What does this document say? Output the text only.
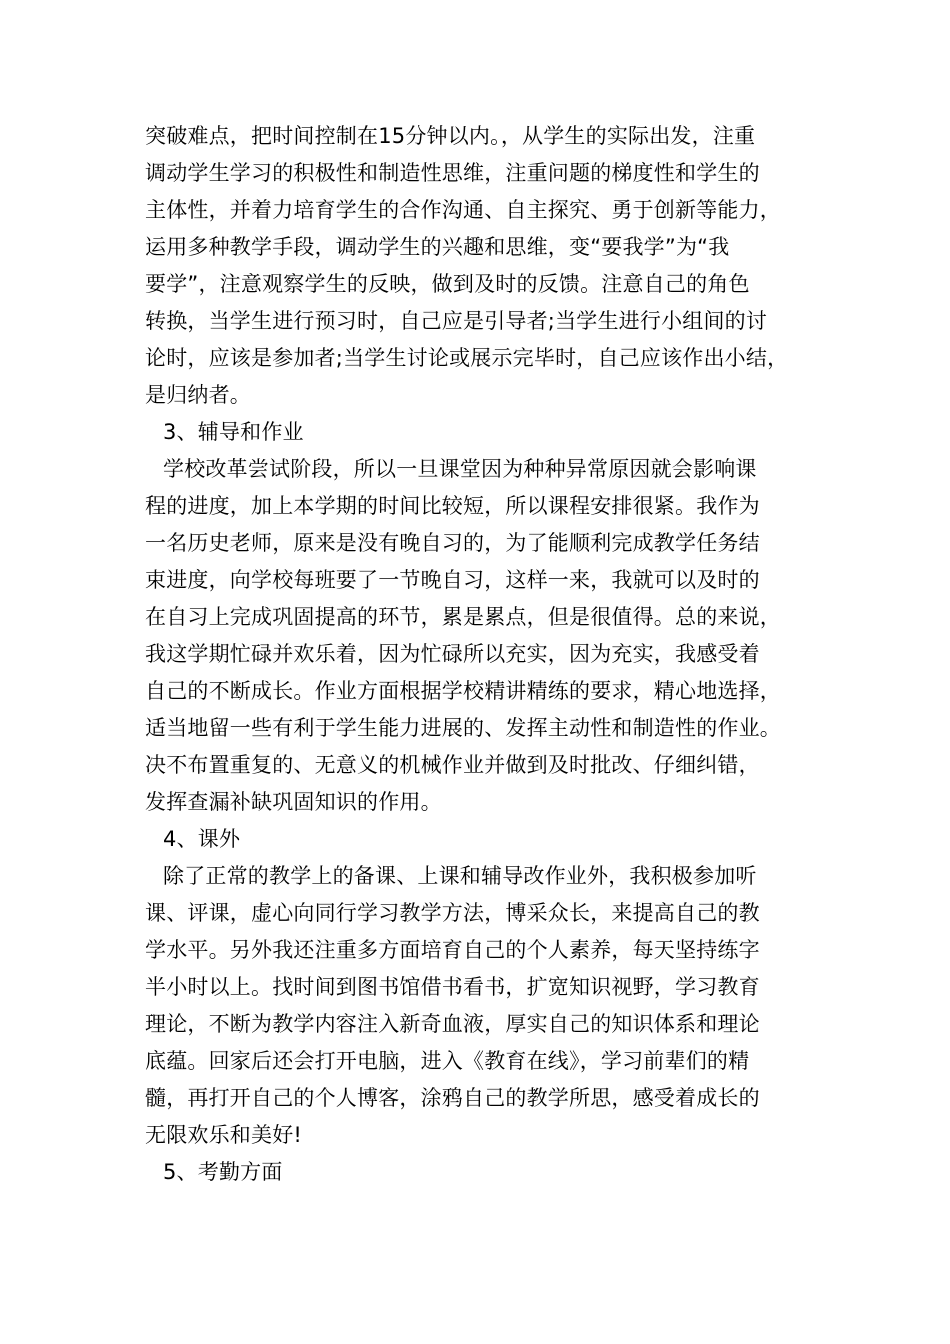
突破难点，把时间控制在15分钟以内。，从学生的实际出发，注重
调动学生学习的积极性和制造性思维，注重问题的梯度性和学生的
主体性，并着力培育学生的合作沟通、自主探究、勇于创新等能力，
运用多种教学手段，调动学生的兴趣和思维，变“要我学”为“我
要学”，注意观察学生的反映，做到及时的反馈。注意自己的角色
转换，当学生进行预习时，自己应是引导者;当学生进行小组间的讨
论时，应该是参加者;当学生讨论或展示完毕时，自己应该作出小结，
是归纳者。
3、辅导和作业
学校改革尝试阶段，所以一旦课堂因为种种异常原因就会影响课
程的进度，加上本学期的时间比较短，所以课程安排很紧。我作为
一名历史老师，原来是没有晚自习的，为了能顺利完成教学任务结
束进度，向学校每班要了一节晚自习，这样一来，我就可以及时的
在自习上完成巩固提高的环节，累是累点，但是很值得。总的来说，
我这学期忙碌并欢乐着，因为忙碌所以充实，因为充实，我感受着
自己的不断成长。作业方面根据学校精讲精练的要求，精心地选择，
适当地留一些有利于学生能力进展的、发挥主动性和制造性的作业。
决不布置重复的、无意义的机械作业并做到及时批改、仔细纠错，
发挥查漏补缺巩固知识的作用。
4、课外
除了正常的教学上的备课、上课和辅导改作业外，我积极参加听
课、评课，虚心向同行学习教学方法，博采众长，来提高自己的教
学水平。另外我还注重多方面培育自己的个人素养，每天坚持练字
半小时以上。找时间到图书馆借书看书，扩宽知识视野，学习教育
理论，不断为教学内容注入新奇血液，厚实自己的知识体系和理论
底蕴。回家后还会打开电脑，进入《教育在线》，学习前辈们的精
髓，再打开自己的个人博客，涂鸦自己的教学所思，感受着成长的
无限欢乐和美好!
5、考勤方面
